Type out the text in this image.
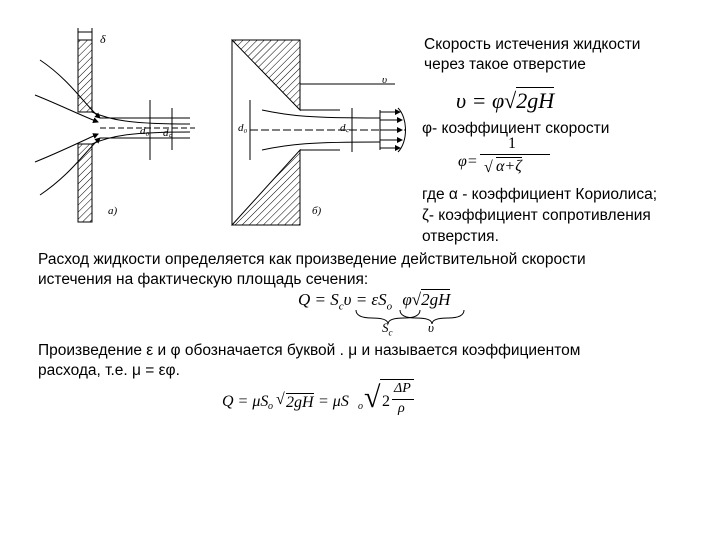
δ
d₀ d꜀	d₀	d꜀
υ
а)	б)
Скорость истечения жидкости
через такое отверстие
υ = φ√2gH
φ- коэффициент скорости
φ=
1
√ α+ζ
где α - коэффициент Кориолиса;
ζ- коэффициент сопротивления
отверстия.
Расход жидкости определяется как произведение действительной скорости
истечения на фактическую площадь сечения:
$Q = S_c\upsilon = \varepsilon S_o$ φ√2gH
$S_c$	υ
Произведение ε и φ обозначается буквой . μ и называется коэффициентом
расхода, т.е. μ = εφ.
Q = μS o √ 2gH = μS o √ 2
ΔP
ρ
